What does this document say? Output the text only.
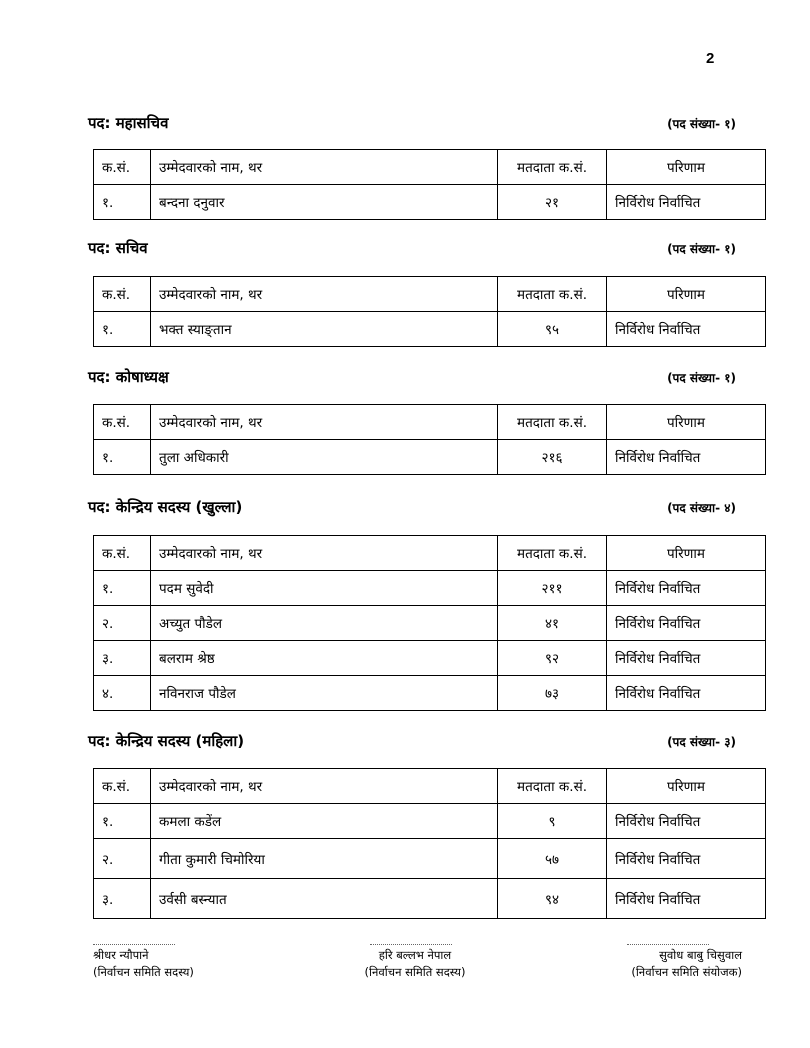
2
पद: महासचिव	(पद संख्या- १)
क.सं.	उम्मेदवारको नाम, थर	मतदाता क.सं.	परिणाम
१.	बन्दना दनुवार	२१	निर्विरोध निर्वाचित
पद: सचिव	(पद संख्या- १)
क.सं.	उम्मेदवारको नाम, थर	मतदाता क.सं.	परिणाम
१.	भक्त स्याङ्तान	९५	निर्विरोध निर्वाचित
पद: कोषाध्यक्ष	(पद संख्या- १)
क.सं.	उम्मेदवारको नाम, थर	मतदाता क.सं.	परिणाम
१.	तुला अधिकारी	२१६	निर्विरोध निर्वाचित
पद: केन्द्रिय सदस्य (खुल्ला)	(पद संख्या- ४)
क.सं.	उम्मेदवारको नाम, थर	मतदाता क.सं.	परिणाम
१.	पदम सुवेदी	२११	निर्विरोध निर्वाचित
२.	अच्युत पौडेल	४१	निर्विरोध निर्वाचित
३.	बलराम श्रेष्ठ	९२	निर्विरोध निर्वाचित
४.	नविनराज पौडेल	७३	निर्विरोध निर्वाचित
पद: केन्द्रिय सदस्य (महिला)	(पद संख्या- ३)
क.सं.	उम्मेदवारको नाम, थर	मतदाता क.सं.	परिणाम
१.	कमला कडेंल	९	निर्विरोध निर्वाचित
२.	गीता कुमारी चिमोरिया	५७	निर्विरोध निर्वाचित
३.	उर्वसी बस्न्यात	९४	निर्विरोध निर्वाचित
श्रीधर न्यौपाने
(निर्वाचन समिति सदस्य)
हरि बल्लभ नेपाल
(निर्वाचन समिति सदस्य)
सुवोध बाबु चिसुवाल
(निर्वाचन समिति संयोजक)
